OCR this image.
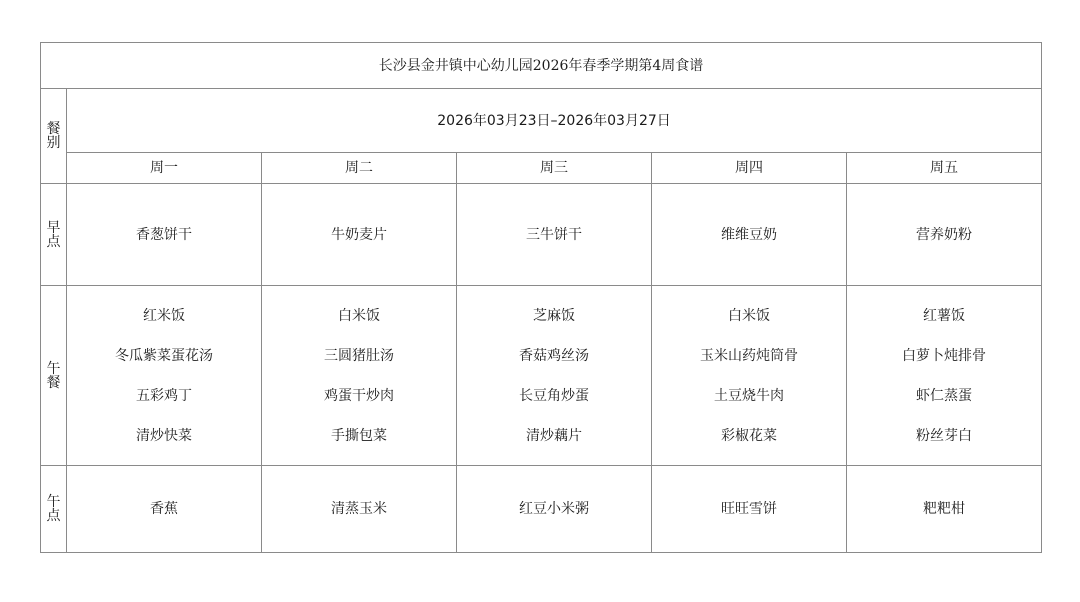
长沙县金井镇中心幼儿园2026年春季学期第4周食谱					

餐
别	2026年03月23日–2026年03月27日				
	周一	周二	周三	周四	周五

早
点	香葱饼干	牛奶麦片	三牛饼干	维维豆奶	营养奶粉

午
餐	红米饭
冬瓜紫菜蛋花汤
五彩鸡丁
清炒快菜	白米饭
三圆猪肚汤
鸡蛋干炒肉
手撕包菜	芝麻饭
香菇鸡丝汤
长豆角炒蛋
清炒藕片	白米饭
玉米山药炖筒骨
土豆烧牛肉
彩椒花菜	红薯饭
白萝卜炖排骨
虾仁蒸蛋
粉丝芽白

午
点	香蕉	清蒸玉米	红豆小米粥	旺旺雪饼	粑粑柑
